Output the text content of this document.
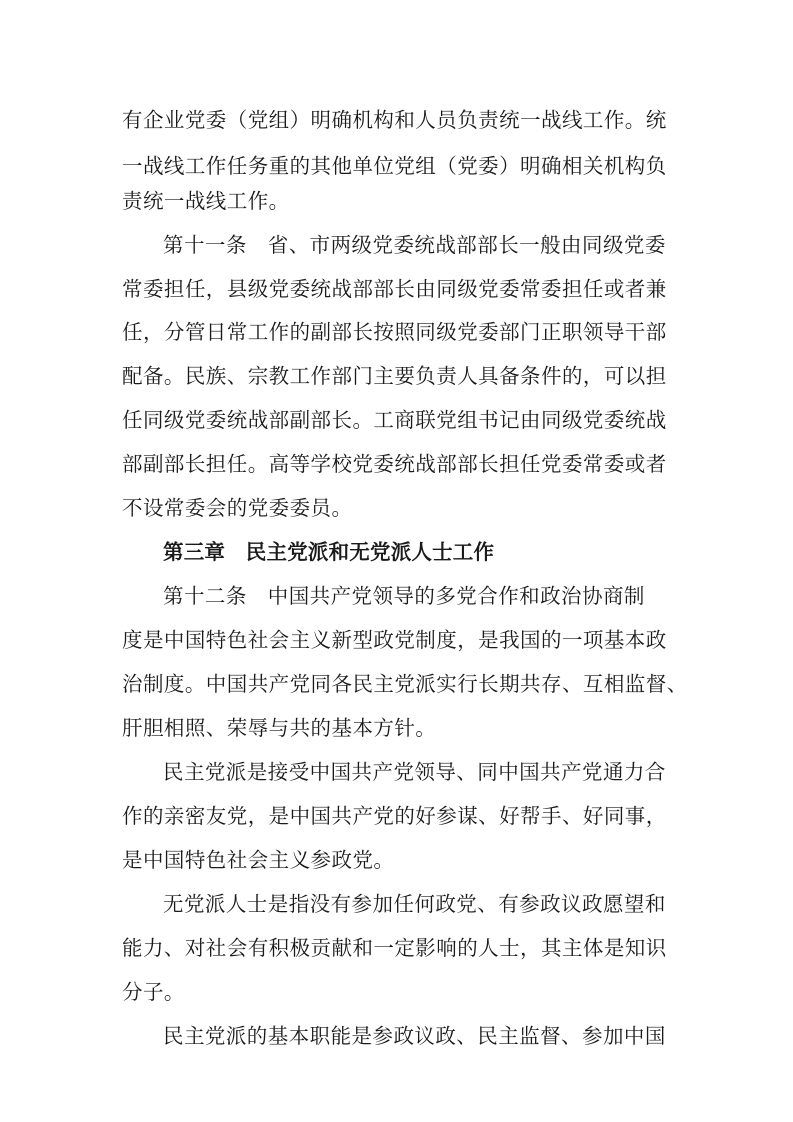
有企业党委（党组）明确机构和人员负责统一战线工作。统
一战线工作任务重的其他单位党组（党委）明确相关机构负
责统一战线工作。
第十一条　省、市两级党委统战部部长一般由同级党委
常委担任，县级党委统战部部长由同级党委常委担任或者兼
任，分管日常工作的副部长按照同级党委部门正职领导干部
配备。民族、宗教工作部门主要负责人具备条件的，可以担
任同级党委统战部副部长。工商联党组书记由同级党委统战
部副部长担任。高等学校党委统战部部长担任党委常委或者
不设常委会的党委委员。
第三章　民主党派和无党派人士工作
第十二条　中国共产党领导的多党合作和政治协商制
度是中国特色社会主义新型政党制度，是我国的一项基本政
治制度。中国共产党同各民主党派实行长期共存、互相监督、
肝胆相照、荣辱与共的基本方针。
民主党派是接受中国共产党领导、同中国共产党通力合
作的亲密友党，是中国共产党的好参谋、好帮手、好同事，
是中国特色社会主义参政党。
无党派人士是指没有参加任何政党、有参政议政愿望和
能力、对社会有积极贡献和一定影响的人士，其主体是知识
分子。
民主党派的基本职能是参政议政、民主监督、参加中国
